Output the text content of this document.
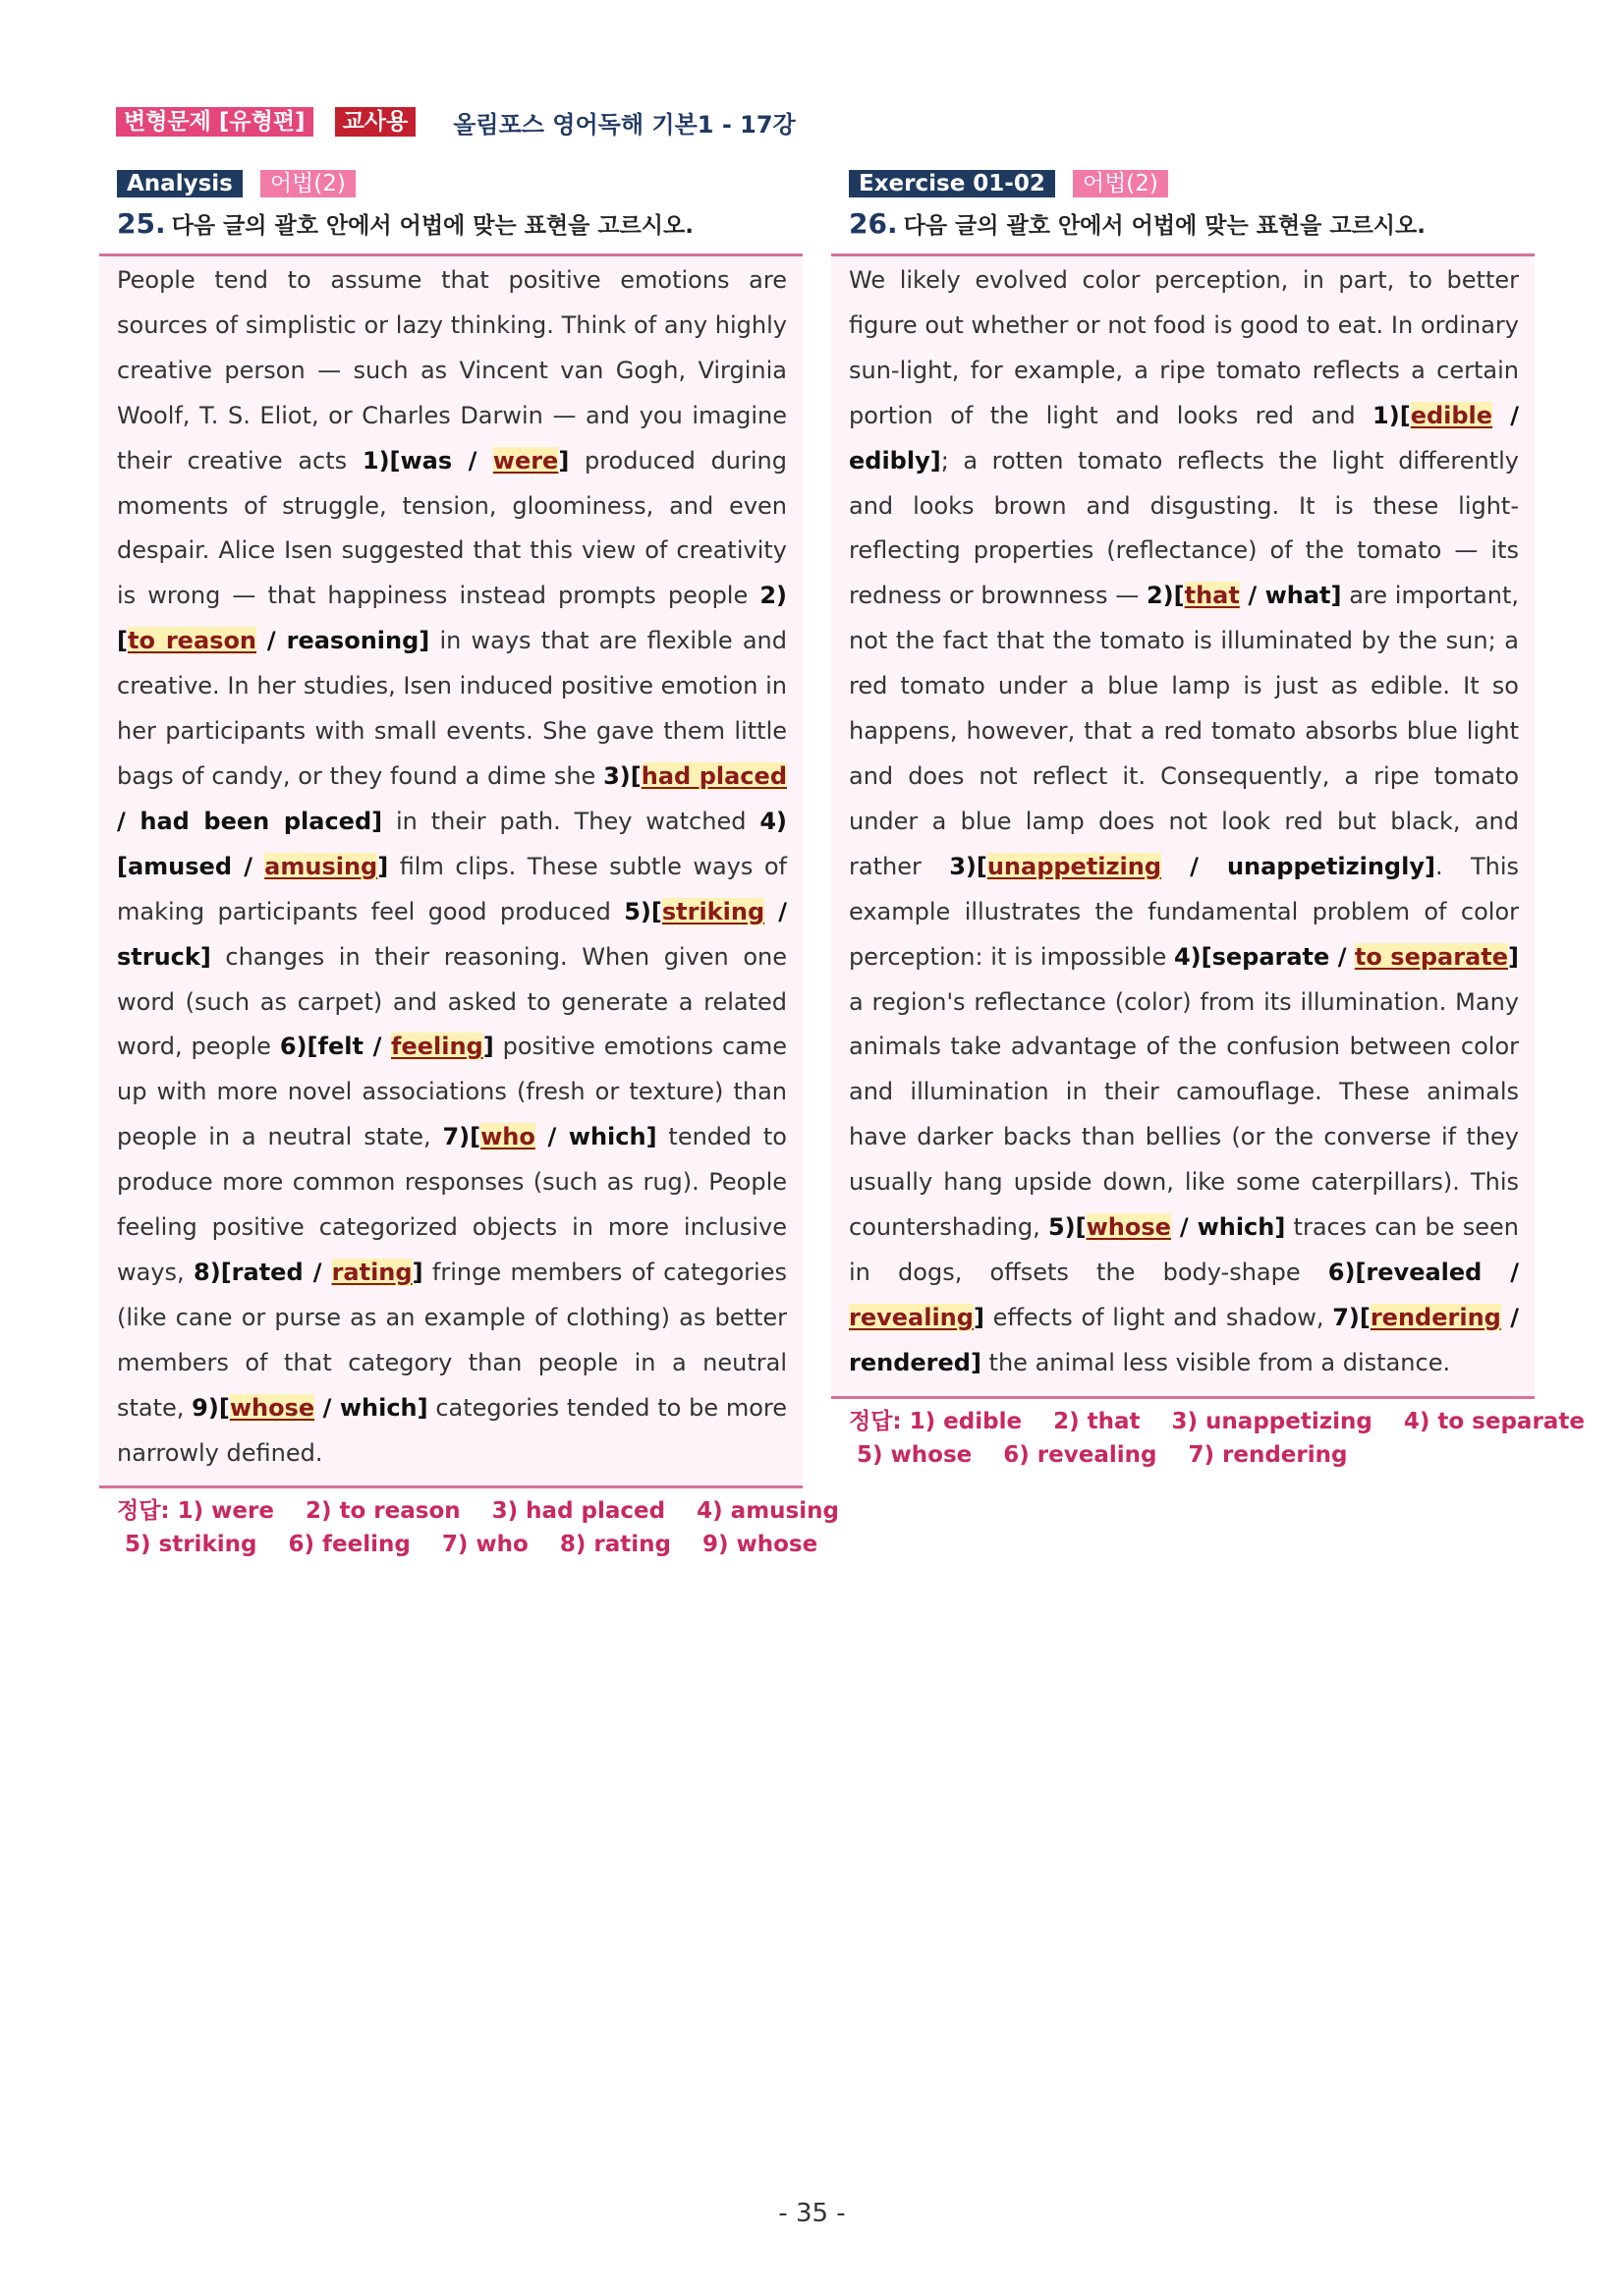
변형문제 [유형편]	교사용	올림포스 영어독해 기본1 - 17강
Analysis	어법(2)
25. 다음 글의 괄호 안에서 어법에 맞는 표현을 고르시오.
People tend to assume that positive emotions are sources of simplistic or lazy thinking. Think of any highly creative person — such as Vincent van Gogh, Virginia Woolf, T. S. Eliot, or Charles Darwin — and you imagine their creative acts 1)[was / were] produced during moments of struggle, tension, gloominess, and even despair. Alice Isen suggested that this view of creativity is wrong — that happiness instead prompts people 2)[to reason / reasoning] in ways that are flexible and creative. In her studies, Isen induced positive emotion in her participants with small events. She gave them little bags of candy, or they found a dime she 3)[had placed / had been placed] in their path. They watched 4)[amused / amusing] film clips. These subtle ways of making participants feel good produced 5)[striking / struck] changes in their reasoning. When given one word (such as carpet) and asked to generate a related word, people 6)[felt / feeling] positive emotions came up with more novel associations (fresh or texture) than people in a neutral state, 7)[who / which] tended to produce more common responses (such as rug). People feeling positive categorized objects in more inclusive ways, 8)[rated / rating] fringe members of categories (like cane or purse as an example of clothing) as better members of that category than people in a neutral state, 9)[whose / which] categories tended to be more narrowly defined.
정답: 1) were    2) to reason    3) had placed    4) amusing
5) striking    6) feeling    7) who    8) rating    9) whose
Exercise 01-02	어법(2)
26. 다음 글의 괄호 안에서 어법에 맞는 표현을 고르시오.
We likely evolved color perception, in part, to better figure out whether or not food is good to eat. In ordinary sun-light, for example, a ripe tomato reflects a certain portion of the light and looks red and 1)[edible / edibly]; a rotten tomato reflects the light differently and looks brown and disgusting. It is these light-reflecting properties (reflectance) of the tomato — its redness or brownness — 2)[that / what] are important, not the fact that the tomato is illuminated by the sun; a red tomato under a blue lamp is just as edible. It so happens, however, that a red tomato absorbs blue light and does not reflect it. Consequently, a ripe tomato under a blue lamp does not look red but black, and rather 3)[unappetizing / unappetizingly]. This example illustrates the fundamental problem of color perception: it is impossible 4)[separate / to separate] a region's reflectance (color) from its illumination. Many animals take advantage of the confusion between color and illumination in their camouflage. These animals have darker backs than bellies (or the converse if they usually hang upside down, like some caterpillars). This countershading, 5)[whose / which] traces can be seen in dogs, offsets the body-shape 6)[revealed / revealing] effects of light and shadow, 7)[rendering / rendered] the animal less visible from a distance.
정답: 1) edible    2) that    3) unappetizing    4) to separate
5) whose    6) revealing    7) rendering
- 35 -
